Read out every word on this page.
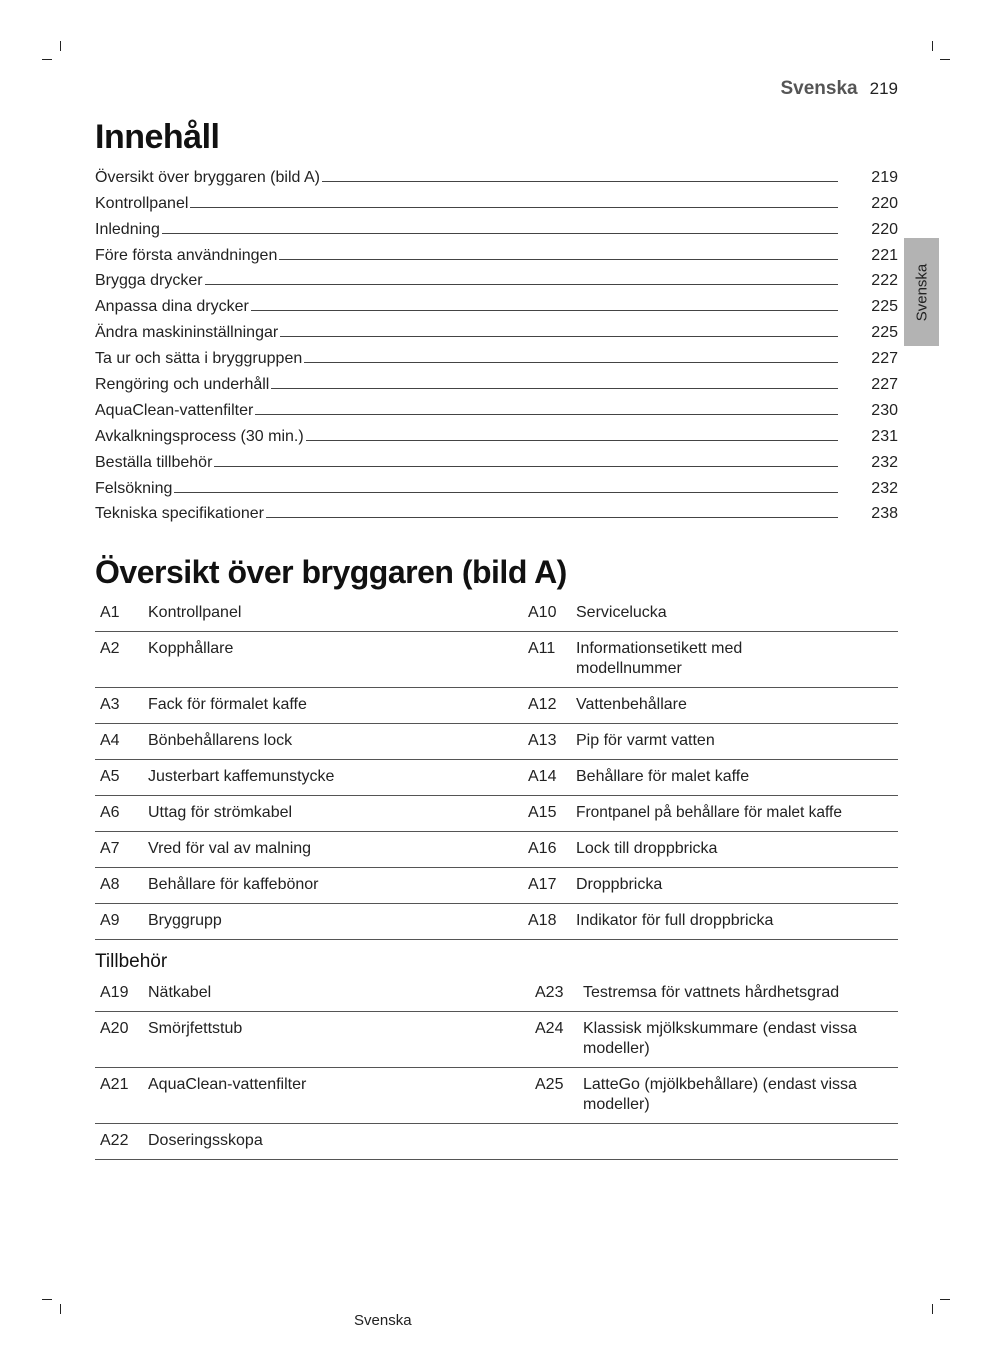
Svenska 219
Svenska
Innehåll
Översikt över bryggaren (bild A)	219
Kontrollpanel	220
Inledning	220
Före första användningen	221
Brygga drycker	222
Anpassa dina drycker	225
Ändra maskininställningar	225
Ta ur och sätta i bryggruppen	227
Rengöring och underhåll	227
AquaClean-vattenfilter	230
Avkalkningsprocess (30 min.)	231
Beställa tillbehör	232
Felsökning	232
Tekniska specifikationer	238
Översikt över bryggaren (bild A)
A1	Kontrollpanel	A10	Servicelucka
A2	Kopphållare	A11	Informationsetikett med modellnummer
A3	Fack för förmalet kaffe	A12	Vattenbehållare
A4	Bönbehållarens lock	A13	Pip för varmt vatten
A5	Justerbart kaffemunstycke	A14	Behållare för malet kaffe
A6	Uttag för strömkabel	A15	Frontpanel på behållare för malet kaffe
A7	Vred för val av malning	A16	Lock till droppbricka
A8	Behållare för kaffebönor	A17	Droppbricka
A9	Bryggrupp	A18	Indikator för full droppbricka
Tillbehör
A19	Nätkabel	A23	Testremsa för vattnets hårdhetsgrad
A20	Smörjfettstub	A24	Klassisk mjölkskummare (endast vissa modeller)
A21	AquaClean-vattenfilter	A25	LatteGo (mjölkbehållare) (endast vissa modeller)
A22	Doseringsskopa		
Svenska
